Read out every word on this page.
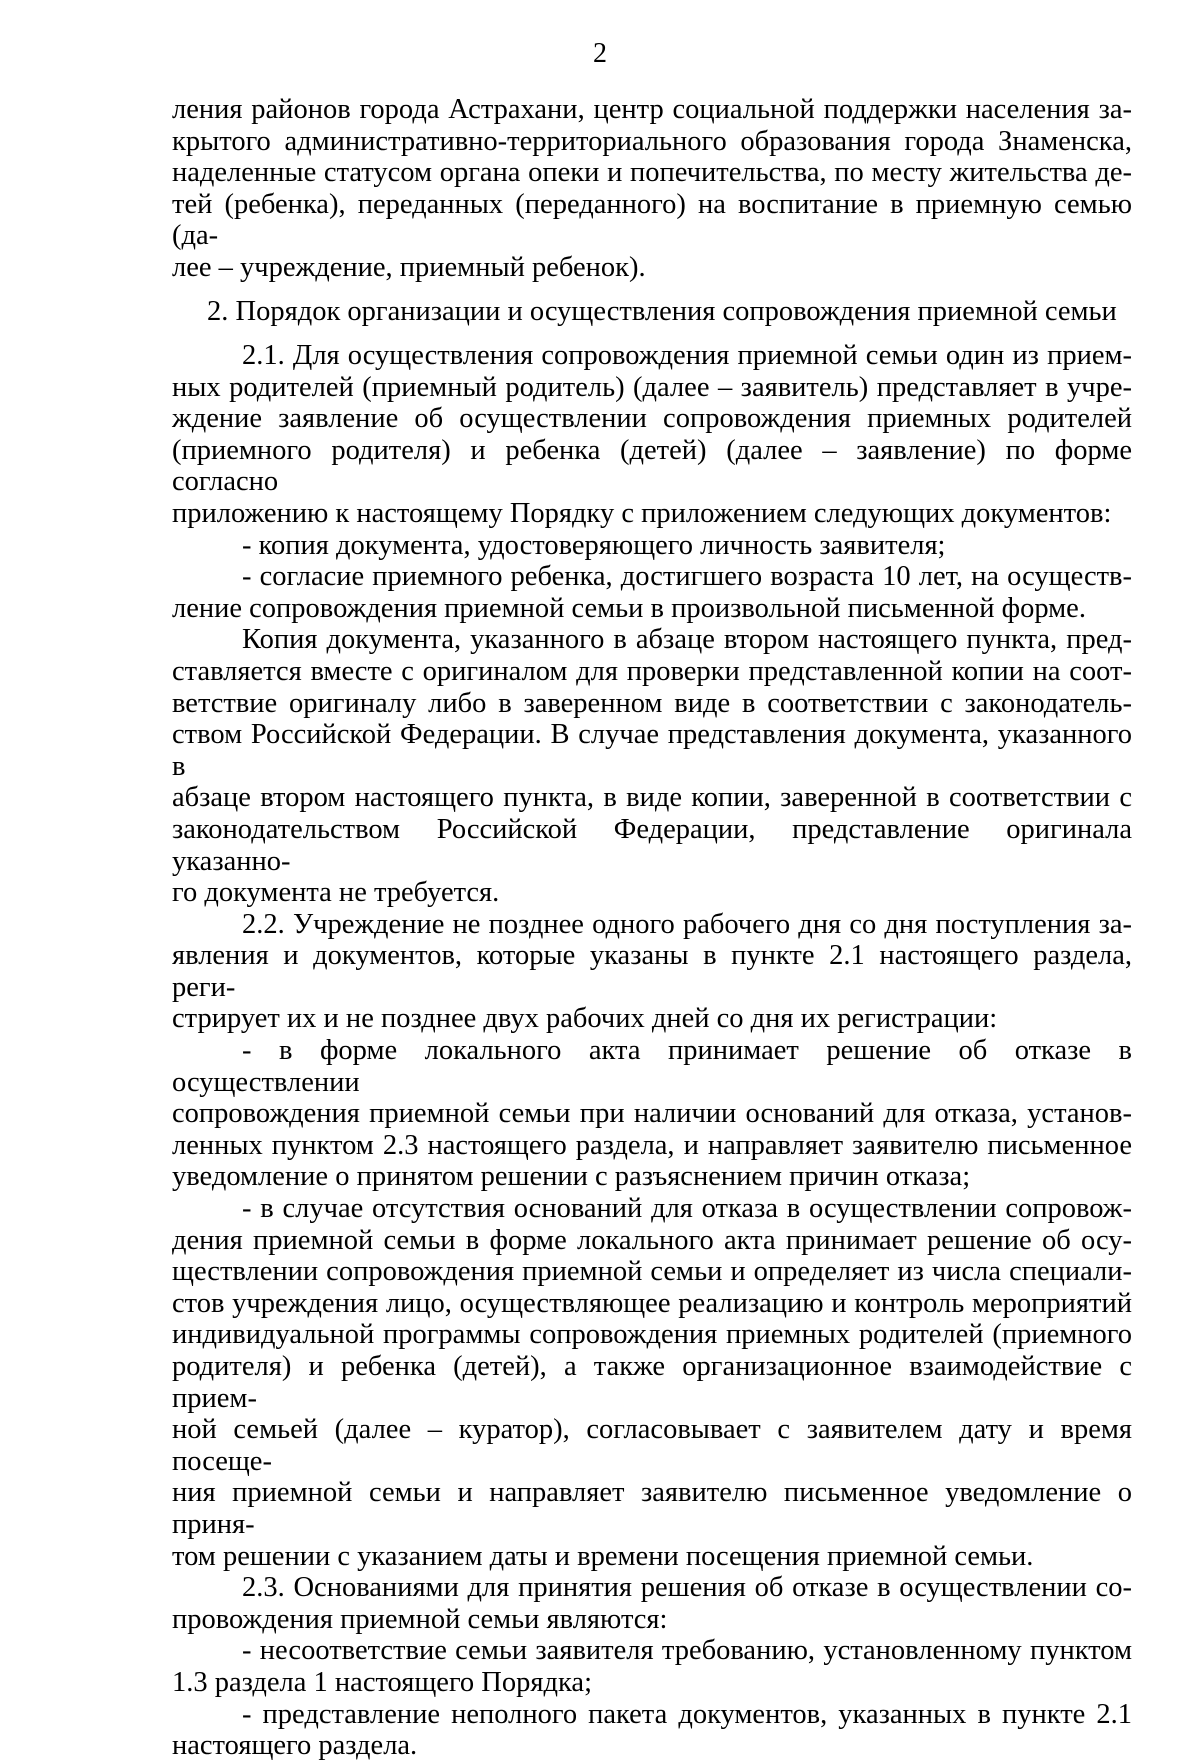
2

ления районов города Астрахани, центр социальной поддержки населения за-

крытого административно-территориального образования города Знаменска,

наделенные статусом органа опеки и попечительства, по месту жительства де-

тей (ребенка), переданных (переданного) на воспитание в приемную семью (да-

лее – учреждение, приемный ребенок).

2. Порядок организации и осуществления сопровождения приемной семьи

2.1. Для осуществления сопровождения приемной семьи один из прием-

ных родителей (приемный родитель) (далее – заявитель) представляет в учре-

ждение заявление об осуществлении сопровождения приемных родителей

(приемного родителя) и ребенка (детей) (далее – заявление) по форме согласно

приложению к настоящему Порядку с приложением следующих документов:

- копия документа, удостоверяющего личность заявителя;

- согласие приемного ребенка, достигшего возраста 10 лет, на осуществ-

ление сопровождения приемной семьи в произвольной письменной форме.

Копия документа, указанного в абзаце втором настоящего пункта, пред-

ставляется вместе с оригиналом для проверки представленной копии на соот-

ветствие оригиналу либо в заверенном виде в соответствии с законодатель-

ством Российской Федерации. В случае представления документа, указанного в

абзаце втором настоящего пункта, в виде копии, заверенной в соответствии с

законодательством Российской Федерации, представление оригинала указанно-

го документа не требуется.

2.2. Учреждение не позднее одного рабочего дня со дня поступления за-

явления и документов, которые указаны в пункте 2.1 настоящего раздела, реги-

стрирует их и не позднее двух рабочих дней со дня их регистрации:

- в форме локального акта принимает решение об отказе в осуществлении

сопровождения приемной семьи при наличии оснований для отказа, установ-

ленных пунктом 2.3 настоящего раздела, и направляет заявителю письменное

уведомление о принятом решении с разъяснением причин отказа;

- в случае отсутствия оснований для отказа в осуществлении сопровож-

дения приемной семьи в форме локального акта принимает решение об осу-

ществлении сопровождения приемной семьи и определяет из числа специали-

стов учреждения лицо, осуществляющее реализацию и контроль мероприятий

индивидуальной программы сопровождения приемных родителей (приемного

родителя) и ребенка (детей), а также организационное взаимодействие с прием-

ной семьей (далее – куратор), согласовывает с заявителем дату и время посеще-

ния приемной семьи и направляет заявителю письменное уведомление о приня-

том решении с указанием даты и времени посещения приемной семьи.

2.3. Основаниями для принятия решения об отказе в осуществлении со-

провождения приемной семьи являются:

- несоответствие семьи заявителя требованию, установленному пунктом

1.3 раздела 1 настоящего Порядка;

- представление неполного пакета документов, указанных в пункте 2.1

настоящего раздела.
